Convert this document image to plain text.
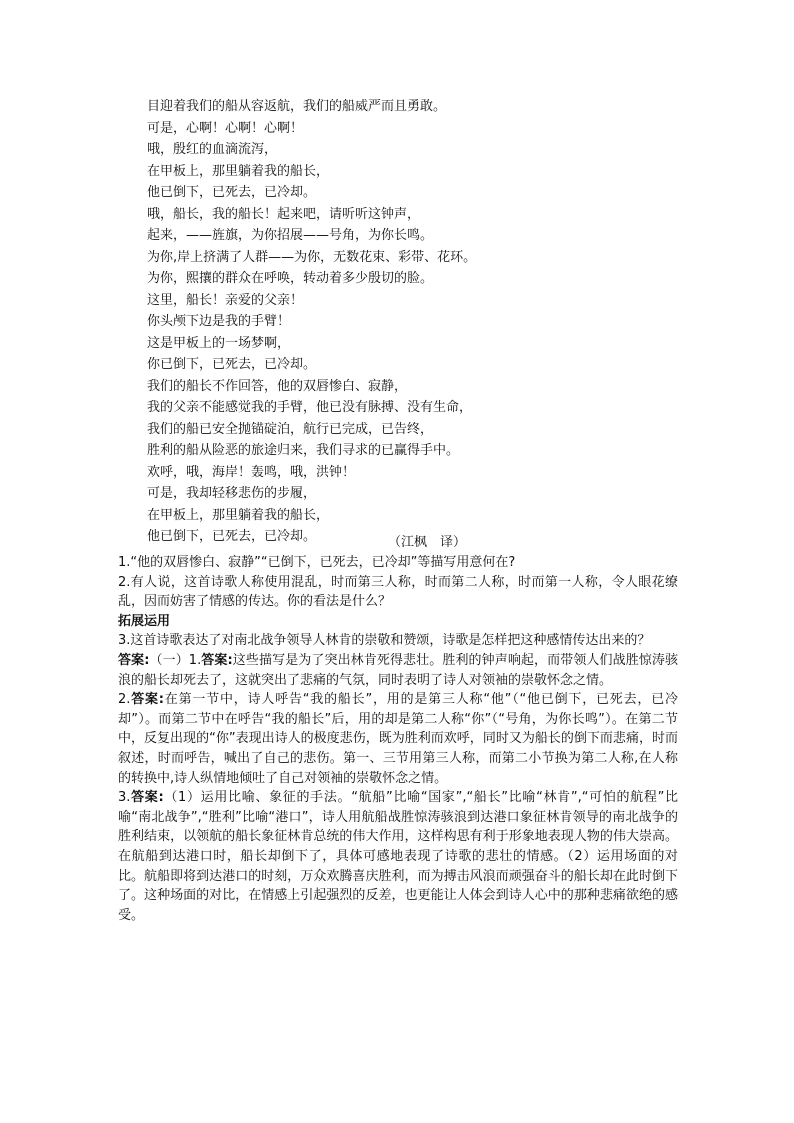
目迎着我们的船从容返航，我们的船威严而且勇敢。
可是，心啊！心啊！心啊！
哦，殷红的血滴流泻，
在甲板上，那里躺着我的船长，
他已倒下，已死去，已冷却。
哦，船长，我的船长！起来吧，请听听这钟声，
起来，——旌旗，为你招展——号角，为你长鸣。
为你,岸上挤满了人群——为你，无数花束、彩带、花环。
为你，熙攘的群众在呼唤，转动着多少殷切的脸。
这里，船长！亲爱的父亲！
你头颅下边是我的手臂！
这是甲板上的一场梦啊，
你已倒下，已死去，已冷却。
我们的船长不作回答，他的双唇惨白、寂静，
我的父亲不能感觉我的手臂，他已没有脉搏、没有生命，
我们的船已安全抛锚碇泊，航行已完成，已告终，
胜利的船从险恶的旅途归来，我们寻求的已赢得手中。
欢呼，哦，海岸！轰鸣，哦，洪钟！
可是，我却轻移悲伤的步履，
在甲板上，那里躺着我的船长，
他已倒下，已死去，已冷却。	（江枫　译）

1.“他的双唇惨白、寂静”“已倒下，已死去，已冷却”等描写用意何在?

2.有人说，这首诗歌人称使用混乱，时而第三人称，时而第二人称，时而第一人称，令人眼花缭乱，因而妨害了情感的传达。你的看法是什么？

拓展运用

3.这首诗歌表达了对南北战争领导人林肯的崇敬和赞颂，诗歌是怎样把这种感情传达出来的？

答案:（一）1.答案:这些描写是为了突出林肯死得悲壮。胜利的钟声响起，而带领人们战胜惊涛骇浪的船长却死去了，这就突出了悲痛的气氛，同时表明了诗人对领袖的崇敬怀念之情。

2.答案:在第一节中，诗人呼告“我的船长”，用的是第三人称“他”（“他已倒下，已死去，已冷却”）。而第二节中在呼告“我的船长”后，用的却是第二人称“你”（“号角，为你长鸣”）。在第二节中，反复出现的“你”表现出诗人的极度悲伤，既为胜利而欢呼，同时又为船长的倒下而悲痛，时而叙述，时而呼告，喊出了自己的悲伤。第一、三节用第三人称，而第二小节换为第二人称,在人称的转换中,诗人纵情地倾吐了自己对领袖的崇敬怀念之情。

3.答案:（1）运用比喻、象征的手法。“航船”比喻“国家”,“船长”比喻“林肯”,“可怕的航程”比喻“南北战争”,“胜利”比喻“港口”，诗人用航船战胜惊涛骇浪到达港口象征林肯领导的南北战争的胜利结束，以领航的船长象征林肯总统的伟大作用，这样构思有利于形象地表现人物的伟大崇高。在航船到达港口时，船长却倒下了，具体可感地表现了诗歌的悲壮的情感。（2）运用场面的对比。航船即将到达港口的时刻，万众欢腾喜庆胜利，而为搏击风浪而顽强奋斗的船长却在此时倒下了。这种场面的对比，在情感上引起强烈的反差，也更能让人体会到诗人心中的那种悲痛欲绝的感受。
